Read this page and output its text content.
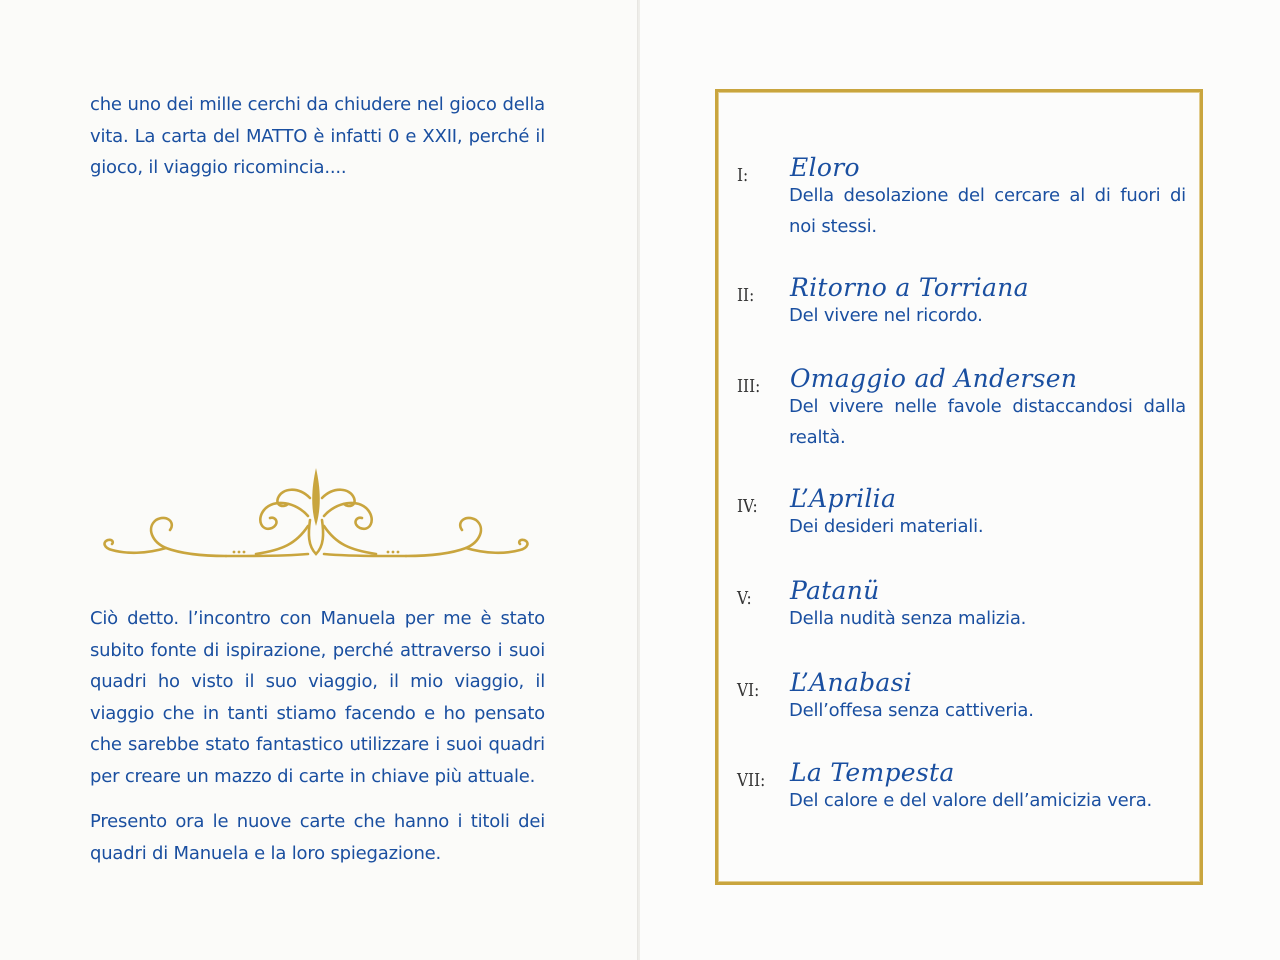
che uno dei mille cerchi da chiudere nel gioco della vita. La carta del MATTO è infatti 0 e XXII, perché il gioco, il viaggio ricomincia....

Ciò detto. l’incontro con Manuela per me è stato subito fonte di ispirazione, perché attraverso i suoi quadri ho visto il suo viaggio, il mio viaggio, il viaggio che in tanti stiamo facendo e ho pensato che sarebbe stato fantastico utilizzare i suoi quadri per creare un mazzo di carte in chiave più attuale.

Presento ora le nuove carte che hanno i titoli dei quadri di Manuela e la loro spiegazione.

I: Eloro

Della desolazione del cercare al di fuori di noi stessi.

II: Ritorno a Torriana

Del vivere nel ricordo.

III: Omaggio ad Andersen

Del vivere nelle favole distaccandosi dalla realtà.

IV: L’Aprilia

Dei desideri materiali.

V: Patanü

Della nudità senza malizia.

VI: L’Anabasi

Dell’offesa senza cattiveria.

VII: La Tempesta

Del calore e del valore dell’amicizia vera.
